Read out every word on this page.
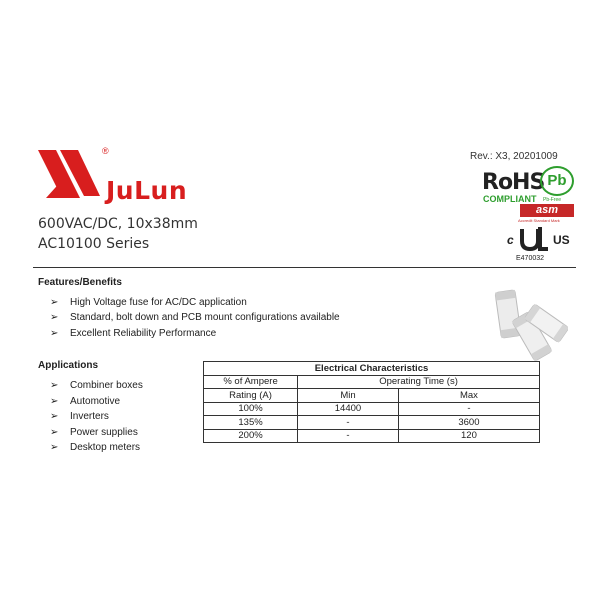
®
JuLun
600VAC/DC, 10x38mm
AC10100 Series
Rev.: X3, 20201009
RoHS
COMPLIANT
Pb
Pb-Free
asm
Accredit Standard Mark
c	US
E470032
Features/Benefits
➢ High Voltage fuse for AC/DC application
➢ Standard, bolt down and PCB mount configurations available
➢ Excellent Reliability Performance
Applications
➢ Combiner boxes
➢ Automotive
➢ Inverters
➢ Power supplies
➢ Desktop meters
Electrical Characteristics		
% of Ampere	Operating Time (s)	
Rating (A)	Min	Max
100%	14400	-
135%	-	3600
200%	-	120
